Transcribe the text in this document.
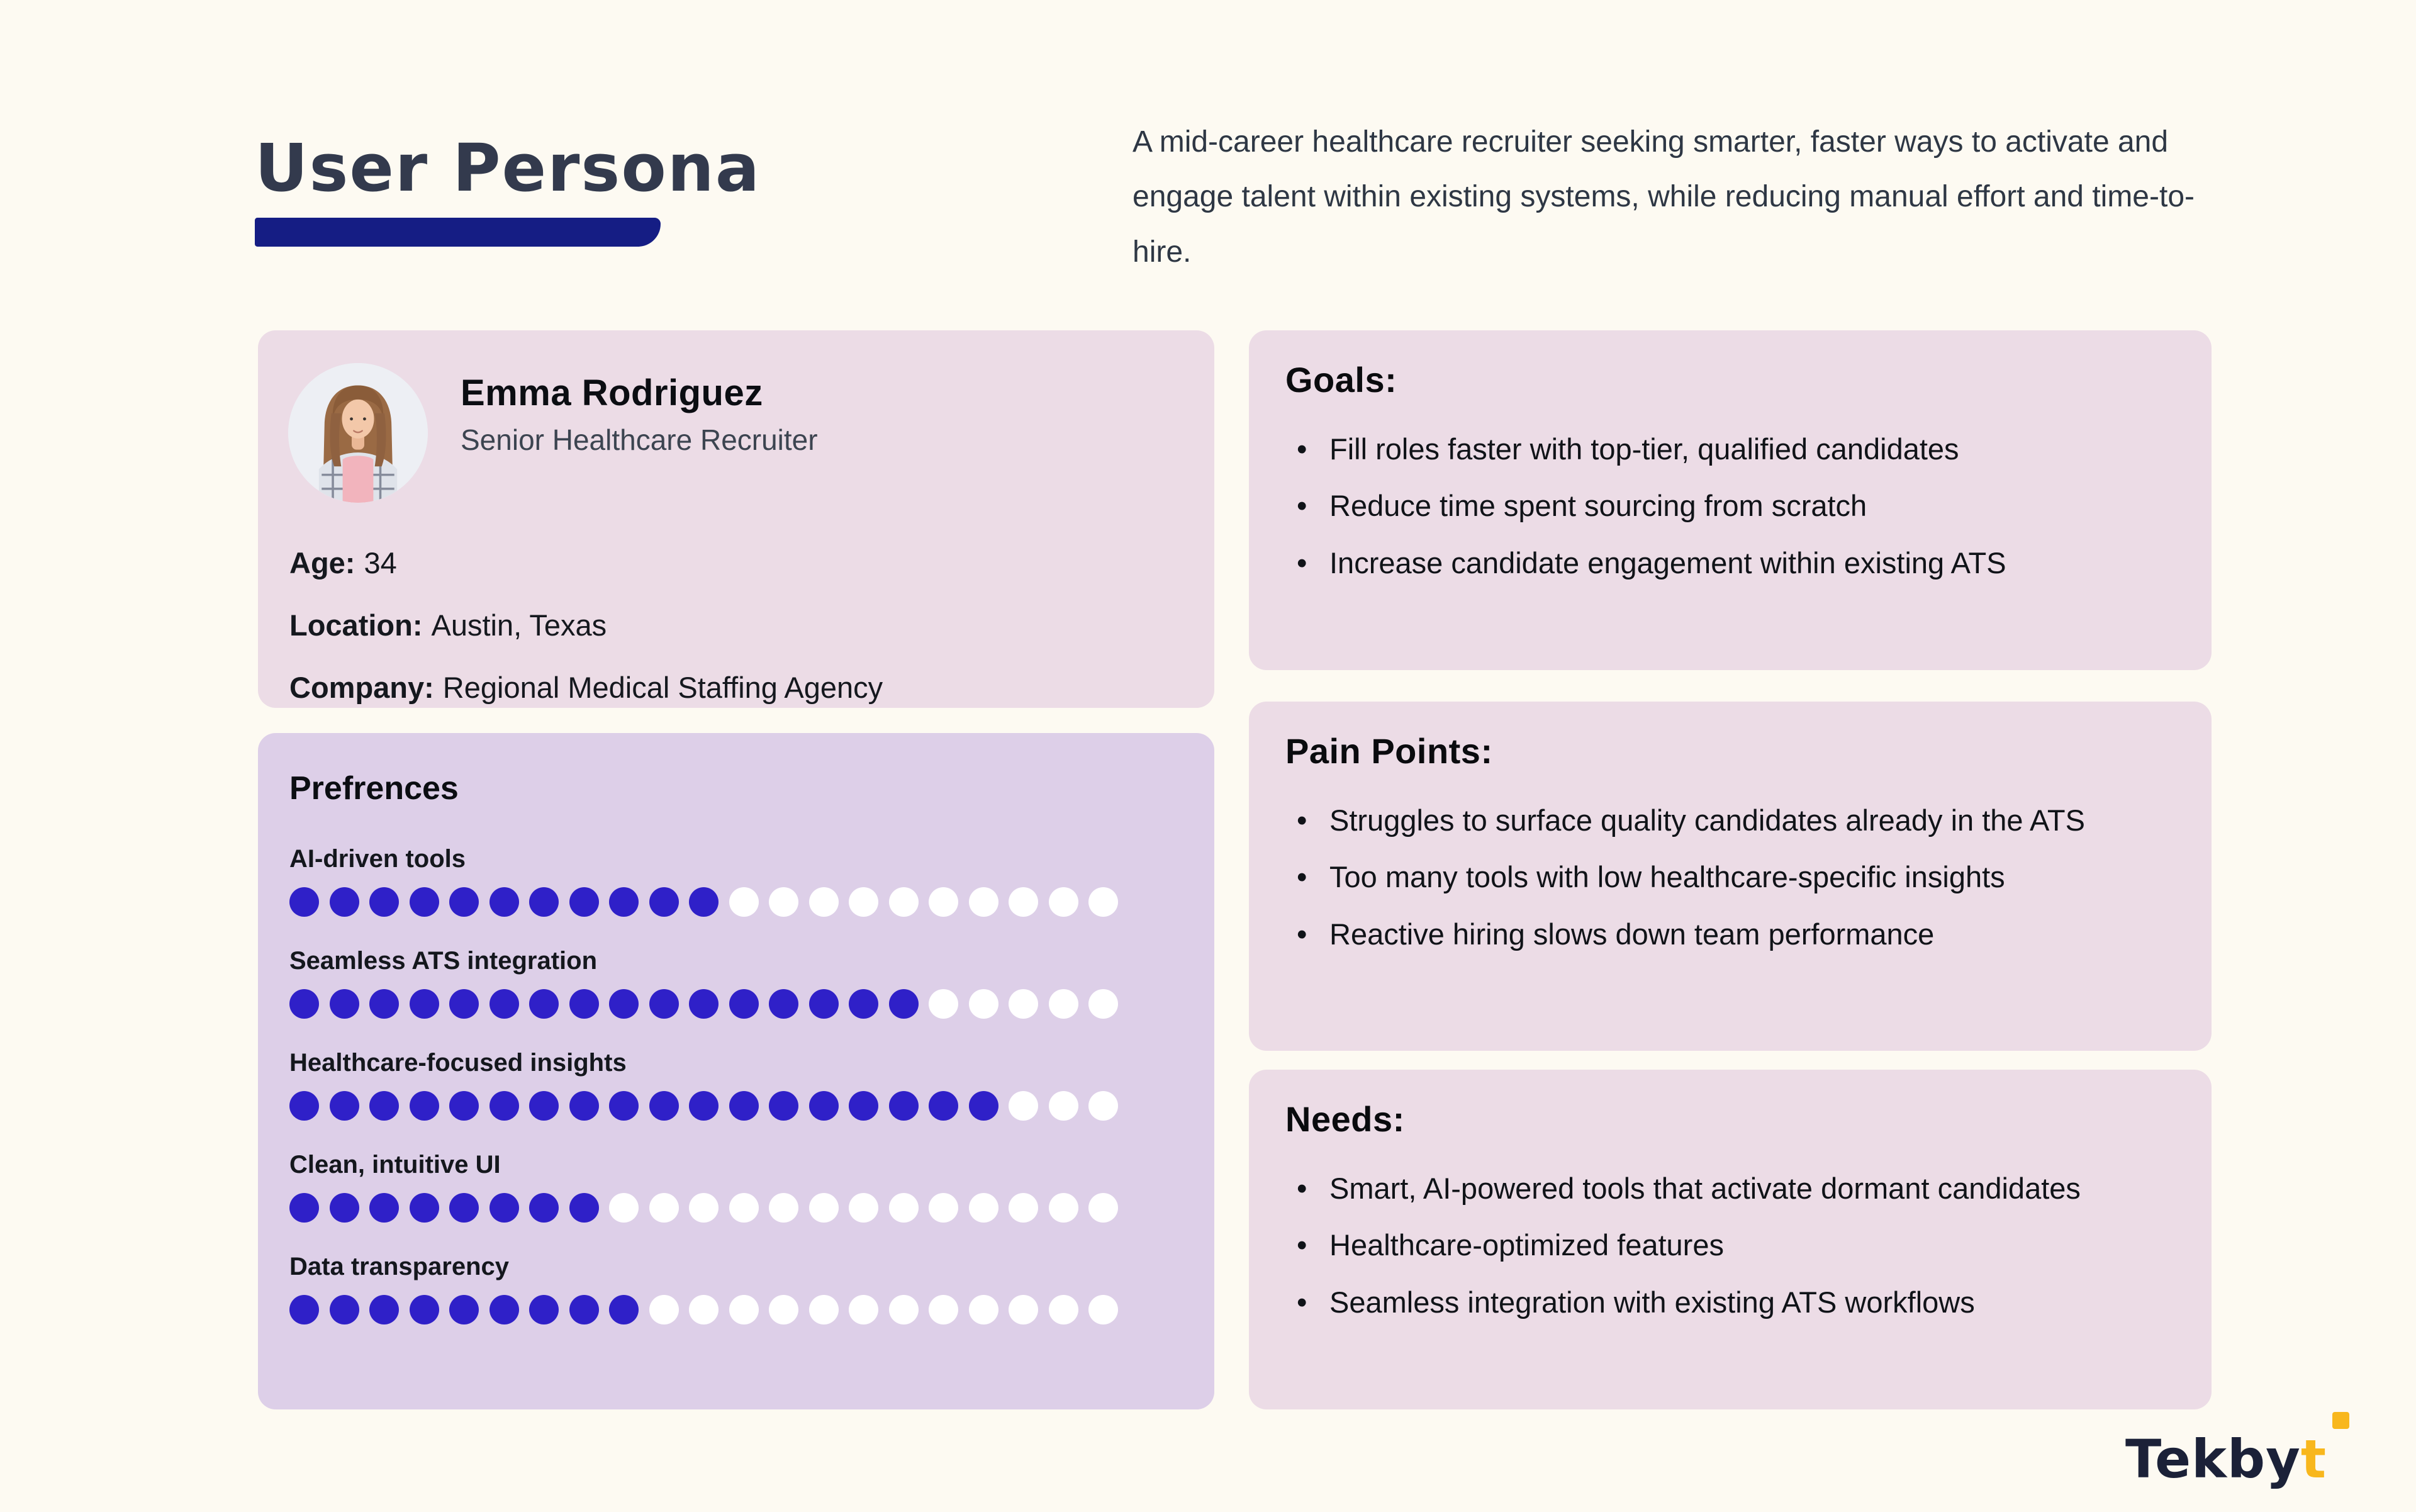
User Persona	A mid-career healthcare recruiter seeking smarter, faster ways to activate and engage talent within existing systems, while reducing manual effort and time-to-hire.
Emma Rodriguez
Senior Healthcare Recruiter
Age: 34
Location: Austin, Texas
Company: Regional Medical Staffing Agency
Prefrences
AI-driven tools
Seamless ATS integration
Healthcare-focused insights
Clean, intuitive UI
Data transparency
Goals:
• Fill roles faster with top-tier, qualified candidates
• Reduce time spent sourcing from scratch
• Increase candidate engagement within existing ATS
Pain Points:
• Struggles to surface quality candidates already in the ATS
• Too many tools with low healthcare-specific insights
• Reactive hiring slows down team performance
Needs:
• Smart, AI-powered tools that activate dormant candidates
• Healthcare-optimized features
• Seamless integration with existing ATS workflows
Tekbyt
